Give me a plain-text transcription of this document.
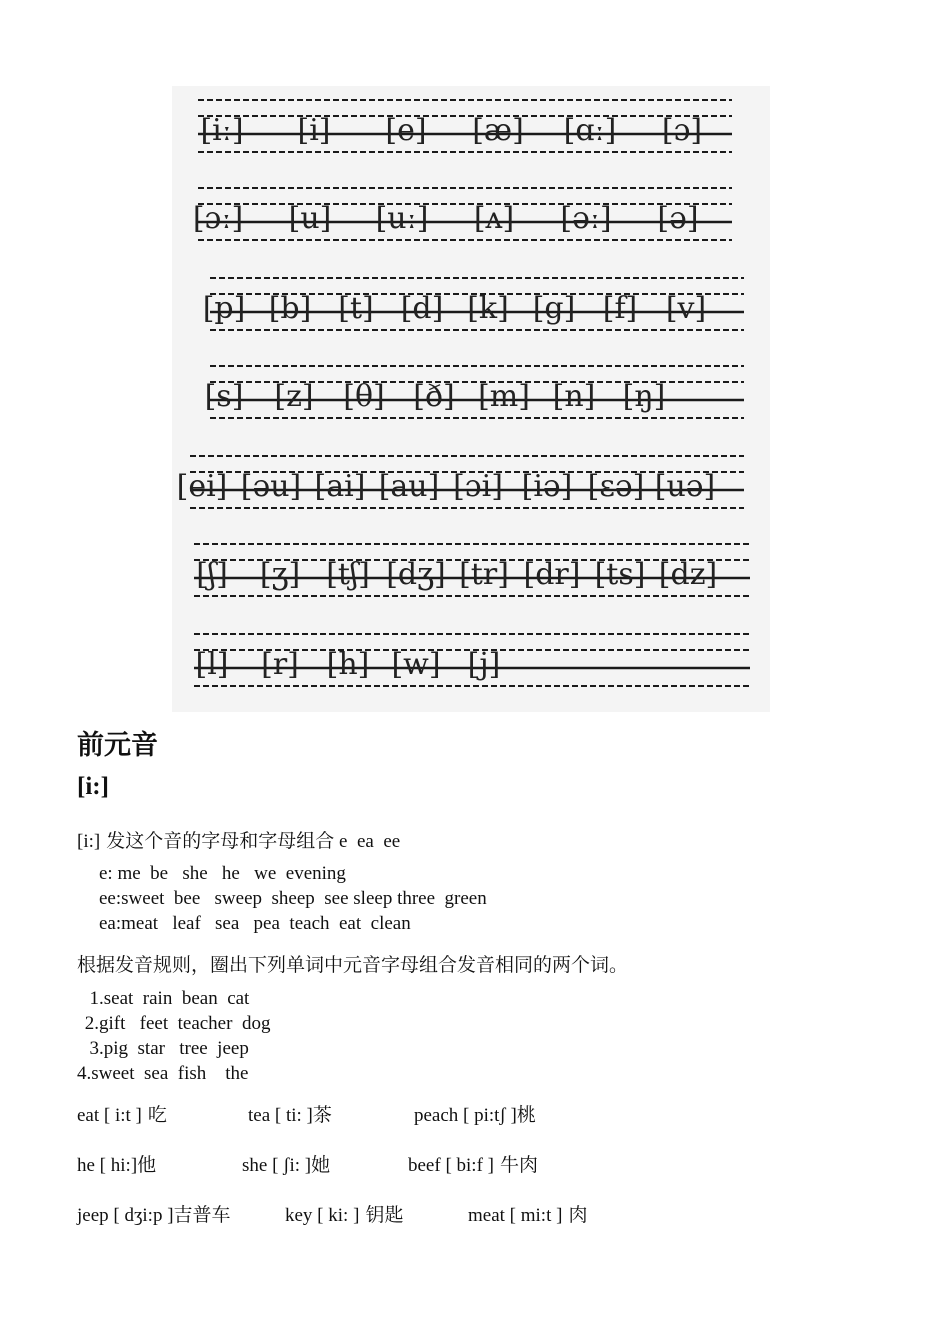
[iː] [i] [e] [æ] [ɑː] [ɔ]
[ɔː] [u] [uː] [ʌ] [əː] [ə]
[p] [b] [t] [d] [k] [g] [f] [v]
[s] [z] [θ] [ð] [m] [n] [ŋ]
[ei] [əu] [ai] [au] [ɔi] [iə] [εə] [uə]
[ʃ] [ʒ] [tʃ] [dʒ] [tr] [dr] [ts] [dz]
[l] [r] [h] [w] [j]
前元音
[i:]
[i:] 发这个音的字母和字母组合 e  ea  ee
e: me  be   she   he   we  evening
ee:sweet  bee   sweep  sheep  see sleep three  green
ea:meat   leaf   sea   pea  teach  eat  clean
根据发音规则，圈出下列单词中元音字母组合发音相同的两个词。
1.seat  rain  bean  cat
2.gift   feet  teacher  dog
3.pig  star   tree  jeep
4.sweet  sea  fish    the
eat [ i:t ] 吃	tea [ ti: ]茶	peach [ pi:tʃ ]桃
he [ hi:]他	she [ ʃi: ]她	beef [ bi:f ] 牛肉
jeep [ dʒi:p ]吉普车	key [ ki: ] 钥匙	meat [ mi:t ] 肉
